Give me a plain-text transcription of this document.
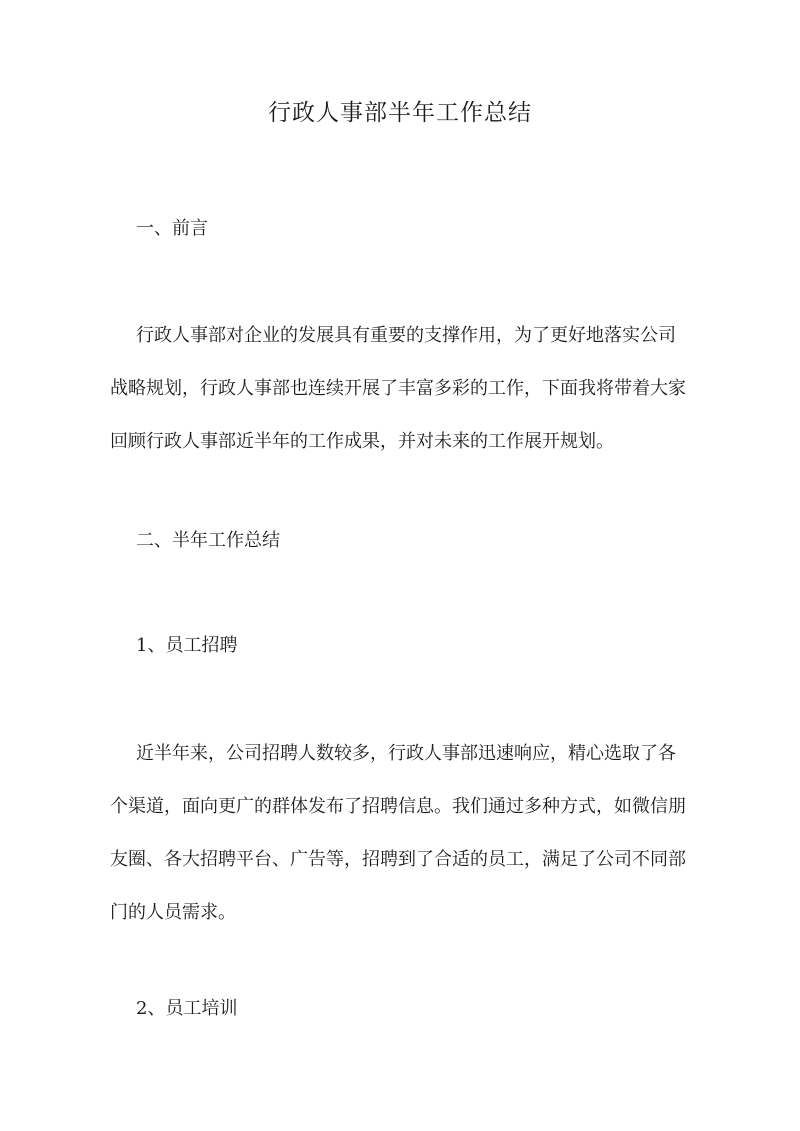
行政人事部半年工作总结
一、前言
行政人事部对企业的发展具有重要的支撑作用，为了更好地落实公司
战略规划，行政人事部也连续开展了丰富多彩的工作，下面我将带着大家
回顾行政人事部近半年的工作成果，并对未来的工作展开规划。
二、半年工作总结
1、员工招聘
近半年来，公司招聘人数较多，行政人事部迅速响应，精心选取了各
个渠道，面向更广的群体发布了招聘信息。我们通过多种方式，如微信朋
友圈、各大招聘平台、广告等，招聘到了合适的员工，满足了公司不同部
门的人员需求。
2、员工培训
